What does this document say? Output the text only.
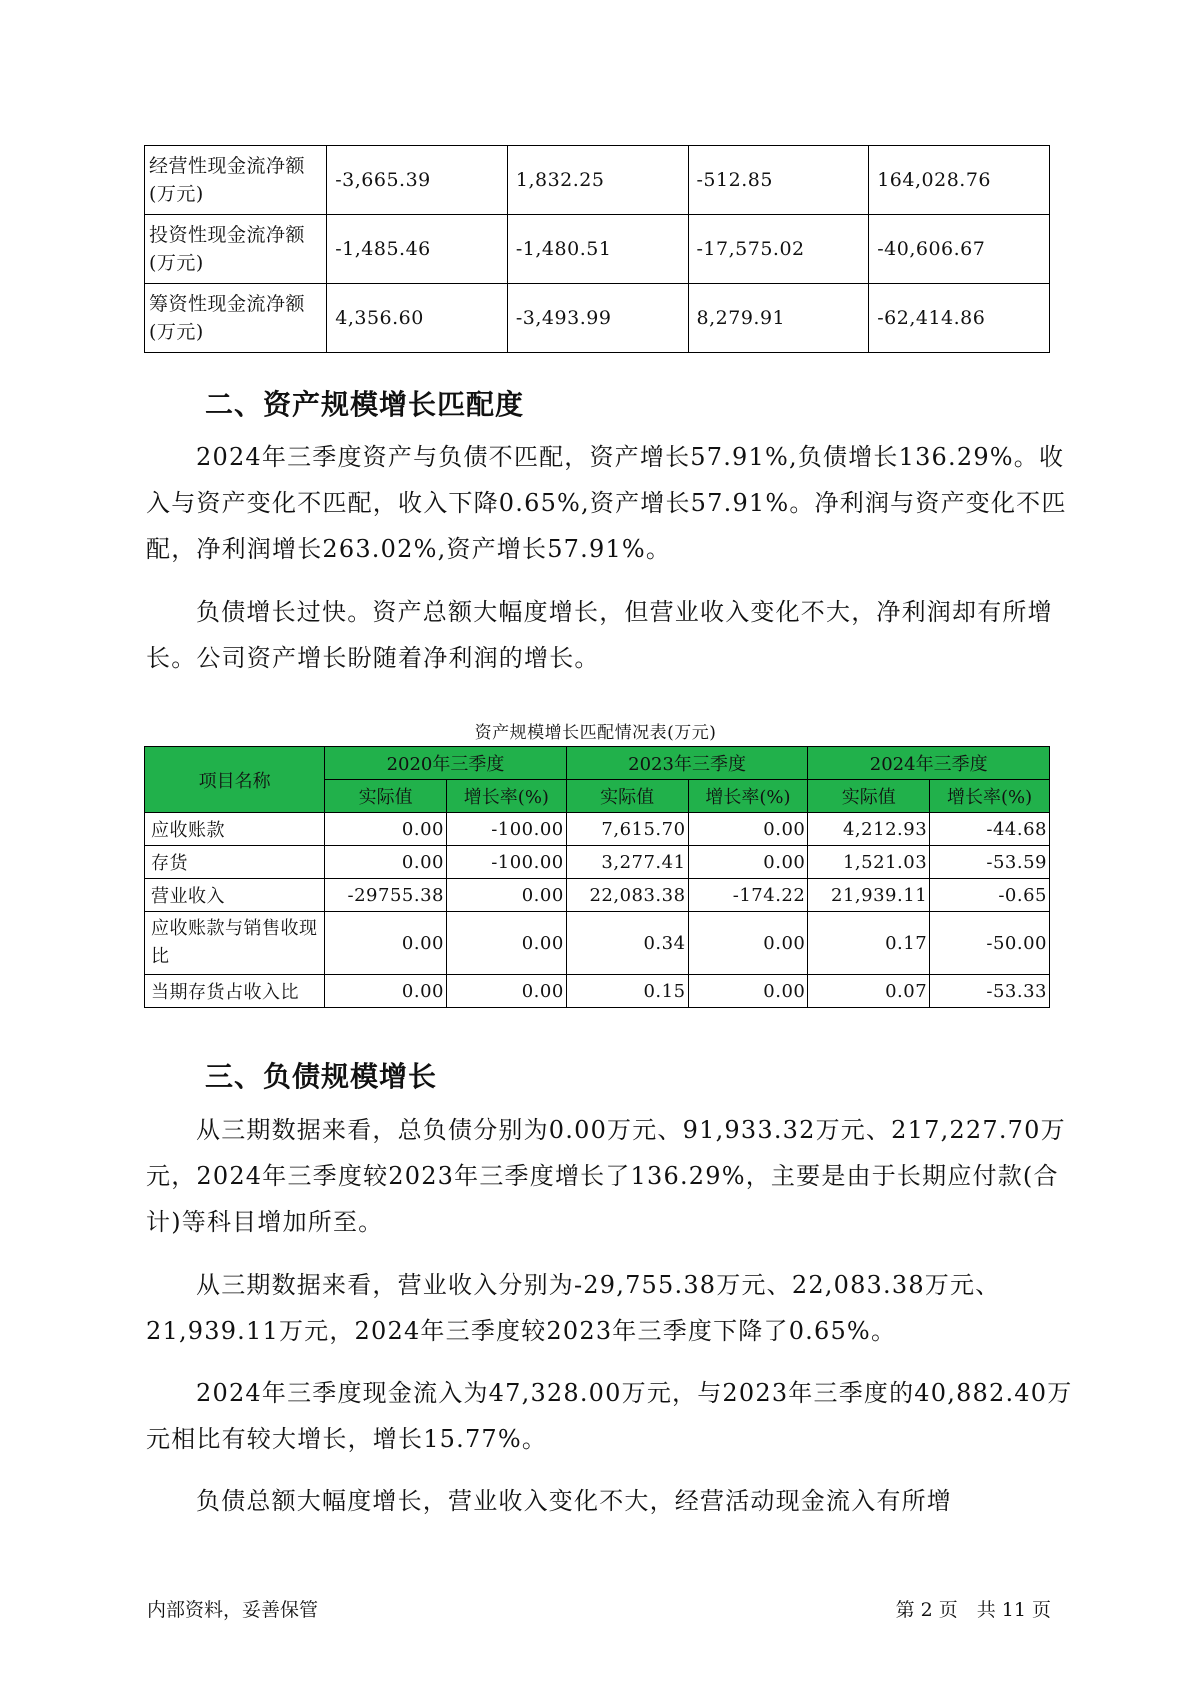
经营性现金流净额(万元)	-3,665.39	1,832.25	-512.85	164,028.76
投资性现金流净额(万元)	-1,485.46	-1,480.51	-17,575.02	-40,606.67
筹资性现金流净额(万元)	4,356.60	-3,493.99	8,279.91	-62,414.86
二、资产规模增长匹配度

2024年三季度资产与负债不匹配，资产增长57.91%,负债增长136.29%。收入与资产变化不匹配，收入下降0.65%,资产增长57.91%。净利润与资产变化不匹配，净利润增长263.02%,资产增长57.91%。

负债增长过快。资产总额大幅度增长，但营业收入变化不大，净利润却有所增长。公司资产增长盼随着净利润的增长。

资产规模增长匹配情况表(万元)
项目名称	2020年三季度		2023年三季度		2024年三季度	
	实际值	增长率(%)	实际值	增长率(%)	实际值	增长率(%)
应收账款	0.00	-100.00	7,615.70	0.00	4,212.93	-44.68
存货	0.00	-100.00	3,277.41	0.00	1,521.03	-53.59
营业收入	-29755.38	0.00	22,083.38	-174.22	21,939.11	-0.65
应收账款与销售收现比	0.00	0.00	0.34	0.00	0.17	-50.00
当期存货占收入比	0.00	0.00	0.15	0.00	0.07	-53.33
三、负债规模增长

从三期数据来看，总负债分别为0.00万元、91,933.32万元、217,227.70万元，2024年三季度较2023年三季度增长了136.29%，主要是由于长期应付款(合计)等科目增加所至。

从三期数据来看，营业收入分别为-29,755.38万元、22,083.38万元、21,939.11万元，2024年三季度较2023年三季度下降了0.65%。

2024年三季度现金流入为47,328.00万元，与2023年三季度的40,882.40万元相比有较大增长，增长15.77%。

负债总额大幅度增长，营业收入变化不大，经营活动现金流入有所增

内部资料，妥善保管	第 2 页　共 11 页
